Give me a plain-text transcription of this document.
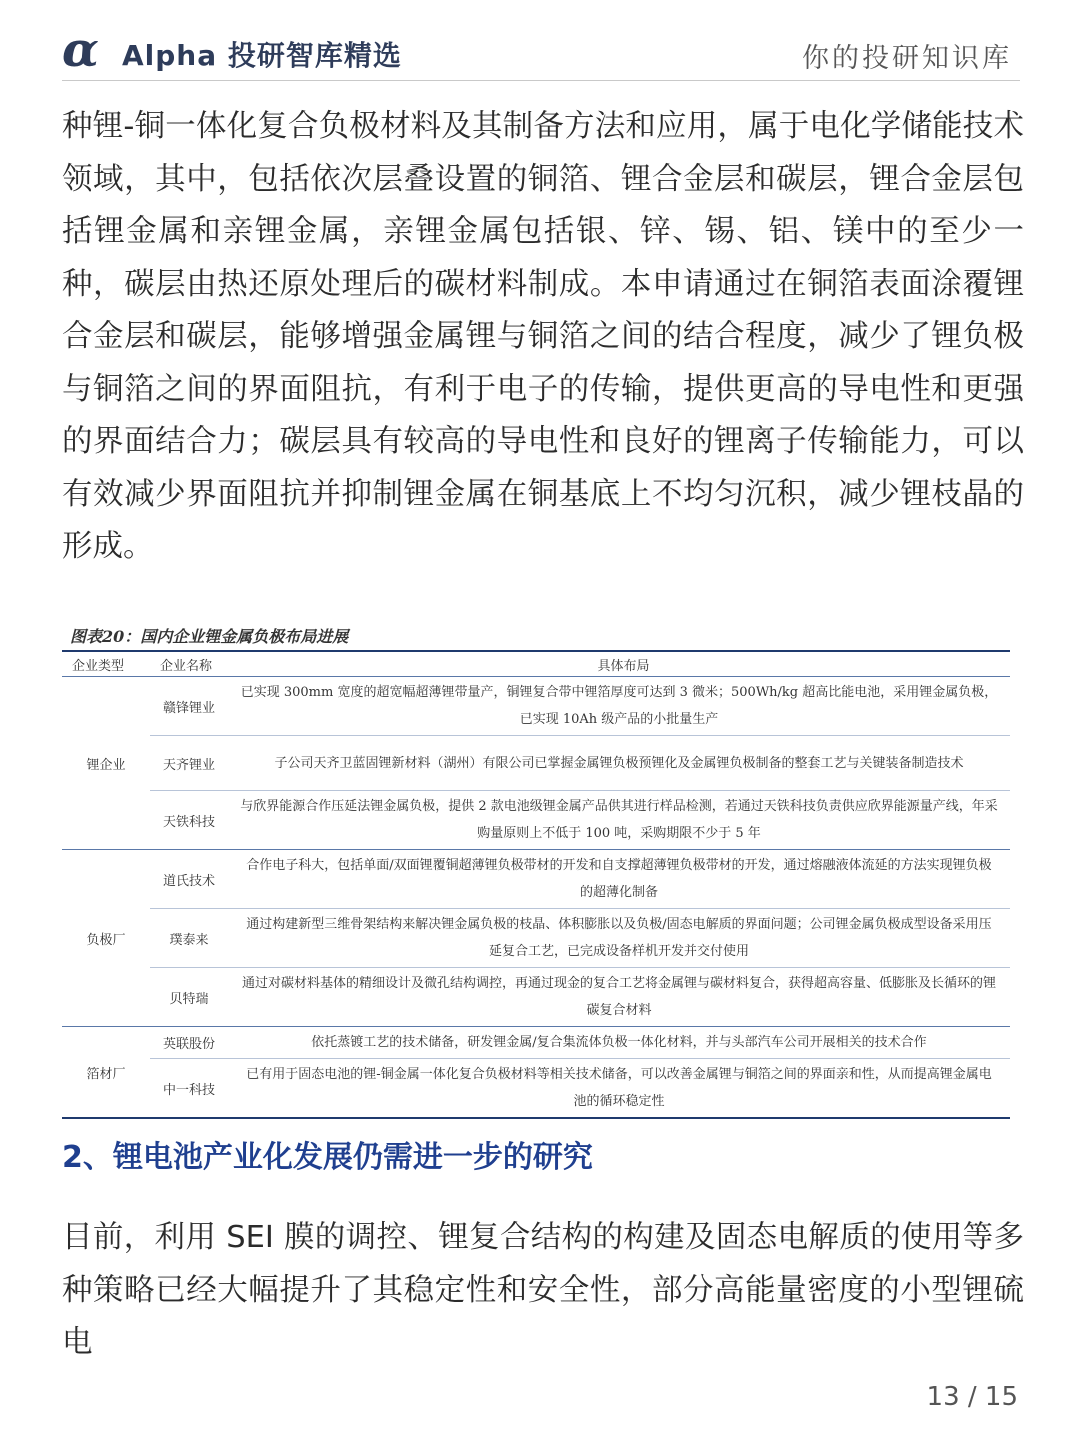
α Alpha 投研智库精选	你的投研知识库

种锂-铜一体化复合负极材料及其制备方法和应用，属于电化学储能技术领域，其中，包括依次层叠设置的铜箔、锂合金层和碳层，锂合金层包括锂金属和亲锂金属，亲锂金属包括银、锌、锡、铝、镁中的至少一种，碳层由热还原处理后的碳材料制成。本申请通过在铜箔表面涂覆锂合金层和碳层，能够增强金属锂与铜箔之间的结合程度，减少了锂负极与铜箔之间的界面阻抗，有利于电子的传输，提供更高的导电性和更强的界面结合力；碳层具有较高的导电性和良好的锂离子传输能力，可以有效减少界面阻抗并抑制锂金属在铜基底上不均匀沉积，减少锂枝晶的形成。

图表20：国内企业锂金属负极布局进展
企业类型	企业名称	具体布局
锂企业	赣锋锂业	已实现 300mm 宽度的超宽幅超薄锂带量产，铜锂复合带中锂箔厚度可达到 3 微米；500Wh/kg 超高比能电池，采用锂金属负极，已实现 10Ah 级产品的小批量生产
	天齐锂业	子公司天齐卫蓝固锂新材料（湖州）有限公司已掌握金属锂负极预锂化及金属锂负极制备的整套工艺与关键装备制造技术
	天铁科技	与欣界能源合作压延法锂金属负极，提供 2 款电池级锂金属产品供其进行样品检测，若通过天铁科技负责供应欣界能源量产线，年采购量原则上不低于 100 吨，采购期限不少于 5 年
负极厂	道氏技术	合作电子科大，包括单面/双面锂覆铜超薄锂负极带材的开发和自支撑超薄锂负极带材的开发，通过熔融液体流延的方法实现锂负极的超薄化制备
	璞泰来	通过构建新型三维骨架结构来解决锂金属负极的枝晶、体积膨胀以及负极/固态电解质的界面问题；公司锂金属负极成型设备采用压延复合工艺，已完成设备样机开发并交付使用
	贝特瑞	通过对碳材料基体的精细设计及微孔结构调控，再通过现金的复合工艺将金属锂与碳材料复合，获得超高容量、低膨胀及长循环的锂碳复合材料
箔材厂	英联股份	依托蒸镀工艺的技术储备，研发锂金属/复合集流体负极一体化材料，并与头部汽车公司开展相关的技术合作
	中一科技	已有用于固态电池的锂-铜金属一体化复合负极材料等相关技术储备，可以改善金属锂与铜箔之间的界面亲和性，从而提高锂金属电池的循环稳定性
2、锂电池产业化发展仍需进一步的研究

目前，利用 SEI 膜的调控、锂复合结构的构建及固态电解质的使用等多种策略已经大幅提升了其稳定性和安全性，部分高能量密度的小型锂硫电

13 / 15
